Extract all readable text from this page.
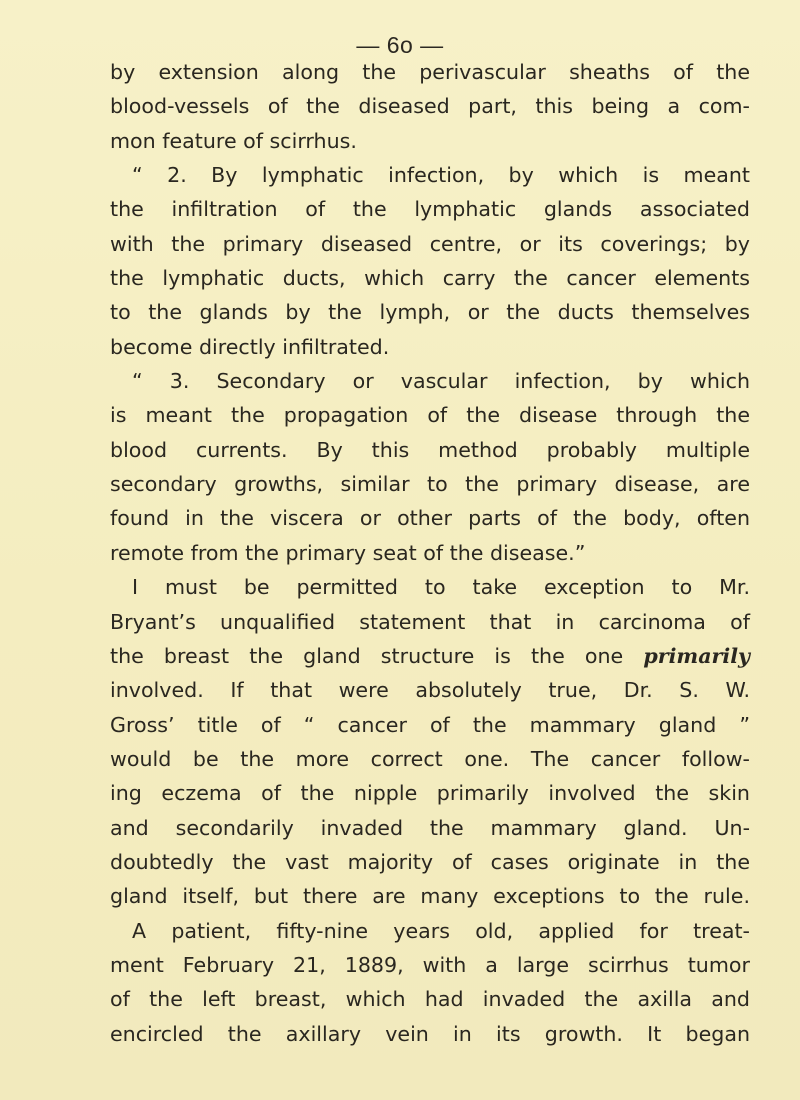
— 6o —
by extension along the perivascular sheaths of the
blood-vessels of the diseased part, this being a com-
mon feature of scirrhus.
“ 2. By lymphatic infection, by which is meant
the infiltration of the lymphatic glands associated
with the primary diseased centre, or its coverings; by
the lymphatic ducts, which carry the cancer elements
to the glands by the lymph, or the ducts themselves
become directly infiltrated.
“ 3. Secondary or vascular infection, by which
is meant the propagation of the disease through the
blood currents. By this method probably multiple
secondary growths, similar to the primary disease, are
found in the viscera or other parts of the body, often
remote from the primary seat of the disease.”
I must be permitted to take exception to Mr.
Bryant’s unqualified statement that in carcinoma of
the breast the gland structure is the one primarily
involved. If that were absolutely true, Dr. S. W.
Gross’ title of “ cancer of the mammary gland ”
would be the more correct one. The cancer follow-
ing eczema of the nipple primarily involved the skin
and secondarily invaded the mammary gland. Un-
doubtedly the vast majority of cases originate in the
gland itself, but there are many exceptions to the rule.
A patient, fifty-nine years old, applied for treat-
ment February 21, 1889, with a large scirrhus tumor
of the left breast, which had invaded the axilla and
encircled the axillary vein in its growth. It began
